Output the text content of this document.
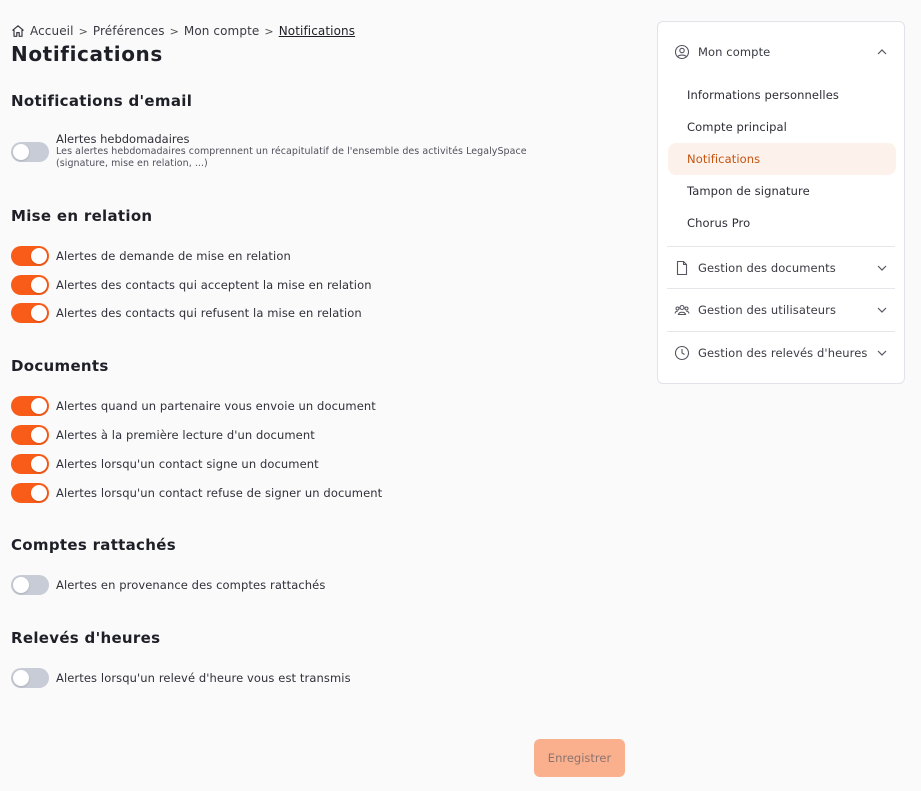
Accueil > Préférences > Mon compte > Notifications
Notifications
Notifications d'email
Alertes hebdomadaires
Les alertes hebdomadaires comprennent un récapitulatif de l'ensemble des activités LegalySpace
(signature, mise en relation, ...)
Mise en relation
Alertes de demande de mise en relation
Alertes des contacts qui acceptent la mise en relation
Alertes des contacts qui refusent la mise en relation
Documents
Alertes quand un partenaire vous envoie un document
Alertes à la première lecture d'un document
Alertes lorsqu'un contact signe un document
Alertes lorsqu'un contact refuse de signer un document
Comptes rattachés
Alertes en provenance des comptes rattachés
Relevés d'heures
Alertes lorsqu'un relevé d'heure vous est transmis
Enregistrer
Mon compte
Informations personnelles
Compte principal
Notifications
Tampon de signature
Chorus Pro
Gestion des documents
Gestion des utilisateurs
Gestion des relevés d'heures
